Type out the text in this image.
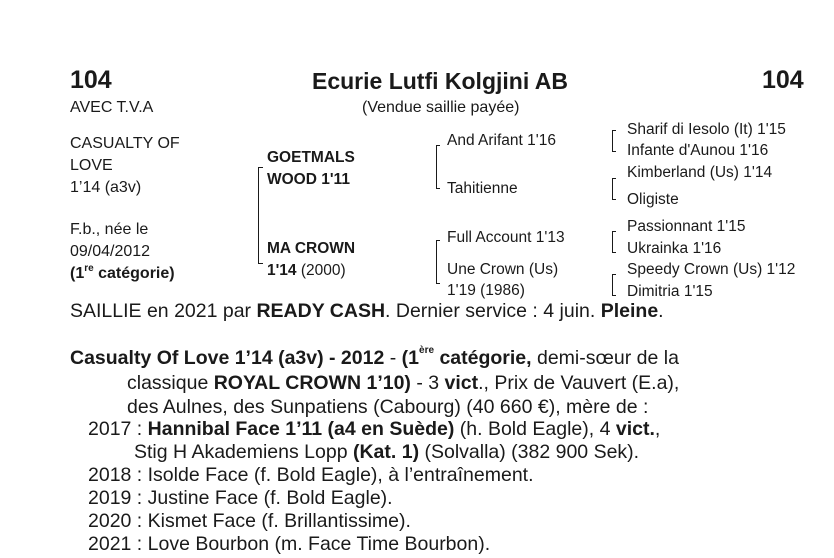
104	Ecurie Lutfi Kolgjini AB	104
AVEC T.V.A	(Vendue saillie payée)
CASUALTY OF
LOVE
1’14 (a3v)
F.b., née le
09/04/2012
(1re catégorie)
GOETMALS
WOOD 1'11
MA CROWN
1'14 (2000)
And Arifant 1'16
Tahitienne
Full Account 1'13
Une Crown (Us)
1'19 (1986)
Sharif di Iesolo (It) 1'15
Infante d'Aunou 1'16
Kimberland (Us) 1'14
Oligiste
Passionnant 1'15
Ukrainka 1'16
Speedy Crown (Us) 1'12
Dimitria 1'15
SAILLIE en 2021 par READY CASH. Dernier service : 4 juin. Pleine.
Casualty Of Love 1’14 (a3v) - 2012 - (1ère catégorie, demi-sœur de la
classique ROYAL CROWN 1’10) - 3 vict., Prix de Vauvert (E.a),
des Aulnes, des Sunpatiens (Cabourg) (40 660 €), mère de :
2017 : Hannibal Face 1’11 (a4 en Suède) (h. Bold Eagle), 4 vict.,
Stig H Akademiens Lopp (Kat. 1) (Solvalla) (382 900 Sek).
2018 : Isolde Face (f. Bold Eagle), à l’entraînement.
2019 : Justine Face (f. Bold Eagle).
2020 : Kismet Face (f. Brillantissime).
2021 : Love Bourbon (m. Face Time Bourbon).
